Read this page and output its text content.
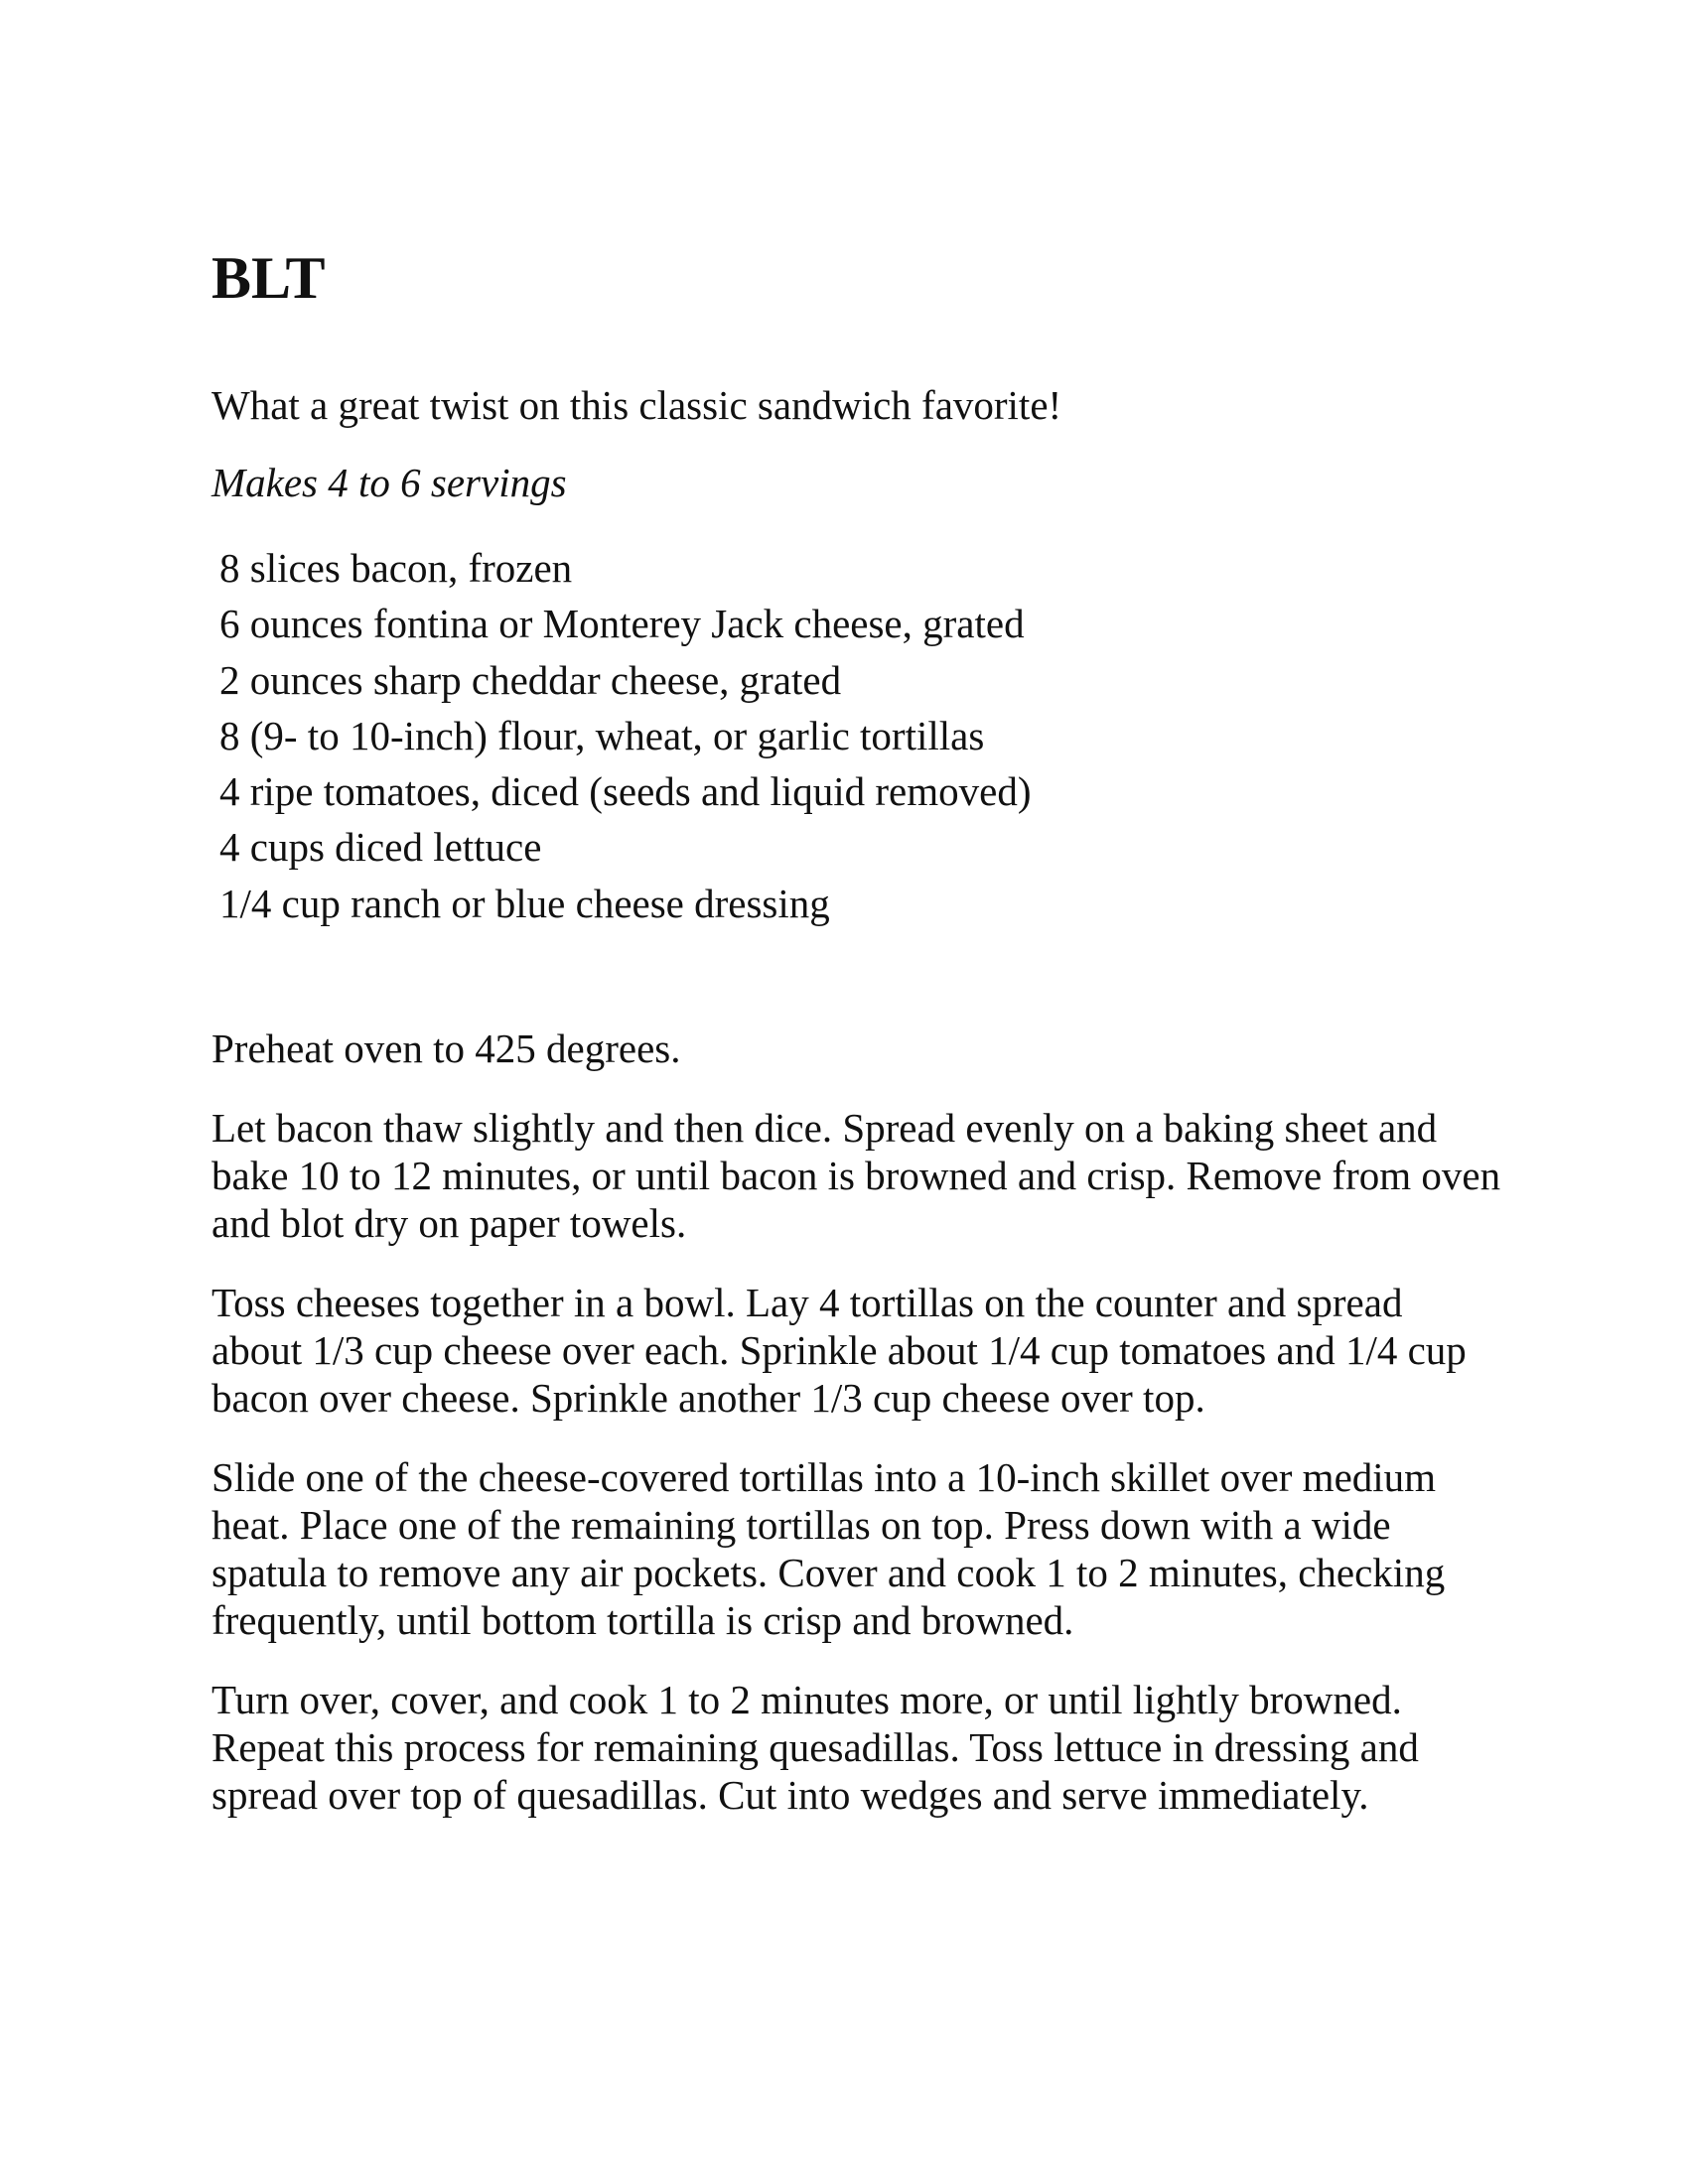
BLT

What a great twist on this classic sandwich favorite!

Makes 4 to 6 servings

8 slices bacon, frozen
6 ounces fontina or Monterey Jack cheese, grated
2 ounces sharp cheddar cheese, grated
8 (9- to 10-inch) flour, wheat, or garlic tortillas
4 ripe tomatoes, diced (seeds and liquid removed)
4 cups diced lettuce
1/4 cup ranch or blue cheese dressing

Preheat oven to 425 degrees.

Let bacon thaw slightly and then dice. Spread evenly on a baking sheet and bake 10 to 12 minutes, or until bacon is browned and crisp. Remove from oven and blot dry on paper towels.

Toss cheeses together in a bowl. Lay 4 tortillas on the counter and spread about 1/3 cup cheese over each. Sprinkle about 1/4 cup tomatoes and 1/4 cup bacon over cheese. Sprinkle another 1/3 cup cheese over top.

Slide one of the cheese-covered tortillas into a 10-inch skillet over medium heat. Place one of the remaining tortillas on top. Press down with a wide spatula to remove any air pockets. Cover and cook 1 to 2 minutes, checking frequently, until bottom tortilla is crisp and browned.

Turn over, cover, and cook 1 to 2 minutes more, or until lightly browned. Repeat this process for remaining quesadillas. Toss lettuce in dressing and spread over top of quesadillas. Cut into wedges and serve immediately.
